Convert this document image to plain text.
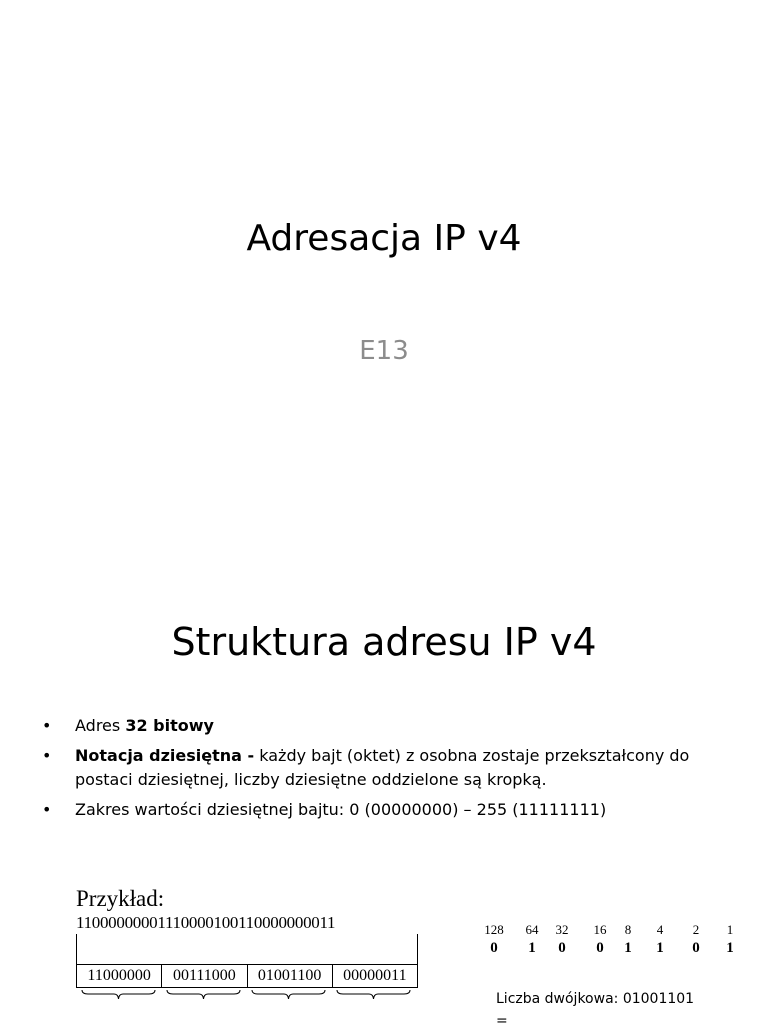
Adresacja IP v4
E13
Struktura adresu IP v4
• Adres 32 bitowy
• Notacja dziesiętna - każdy bajt (oktet) z osobna zostaje przekształcony do postaci dziesiętnej, liczby dziesiętne oddzielone są kropką.
• Zakres wartości dziesiętnej bajtu: 0 (00000000) – 255 (11111111)
Przykład:
11000000001110000100110000000011
11000000	00111000	01001100	00000011
128 64 32 16 8 4 2 1
0 1 0 0 1 1 0 1
Liczba dwójkowa: 01001101
=
